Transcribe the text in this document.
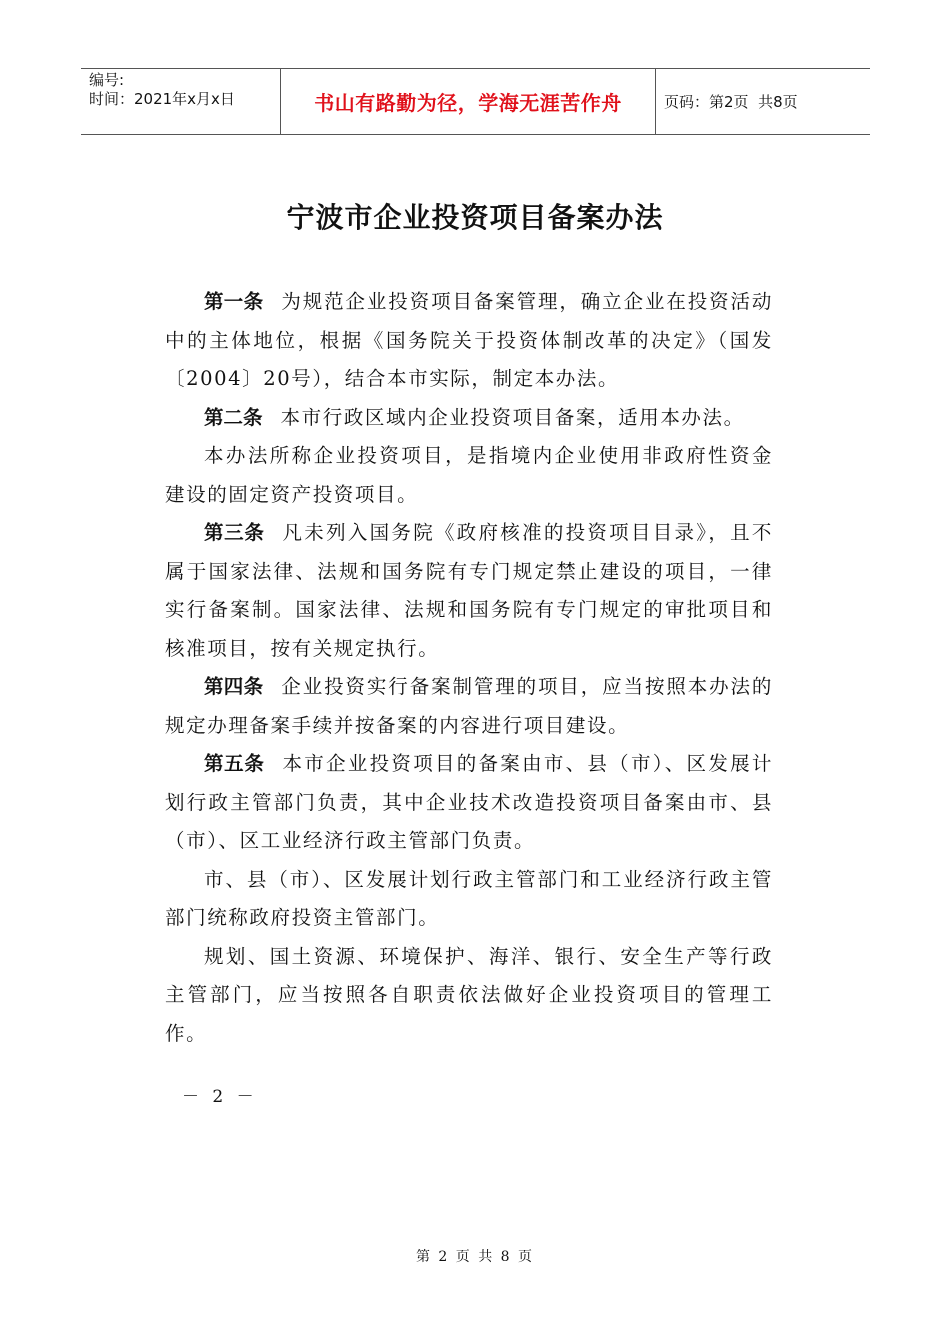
编号:
时间：2021年x月x日	书山有路勤为径，学海无涯苦作舟	页码：第2页  共8页
宁波市企业投资项目备案办法

第一条 为规范企业投资项目备案管理，确立企业在投资活动中的主体地位，根据《国务院关于投资体制改革的决定》（国发〔2004〕20号），结合本市实际，制定本办法。

第二条 本市行政区域内企业投资项目备案，适用本办法。

本办法所称企业投资项目，是指境内企业使用非政府性资金建设的固定资产投资项目。

第三条 凡未列入国务院《政府核准的投资项目目录》，且不属于国家法律、法规和国务院有专门规定禁止建设的项目，一律实行备案制。国家法律、法规和国务院有专门规定的审批项目和核准项目，按有关规定执行。

第四条 企业投资实行备案制管理的项目，应当按照本办法的规定办理备案手续并按备案的内容进行项目建设。

第五条 本市企业投资项目的备案由市、县（市）、区发展计划行政主管部门负责，其中企业技术改造投资项目备案由市、县（市）、区工业经济行政主管部门负责。

市、县（市）、区发展计划行政主管部门和工业经济行政主管部门统称政府投资主管部门。

规划、国土资源、环境保护、海洋、银行、安全生产等行政主管部门，应当按照各自职责依法做好企业投资项目的管理工作。

－ 2 －
第 2 页 共 8 页
